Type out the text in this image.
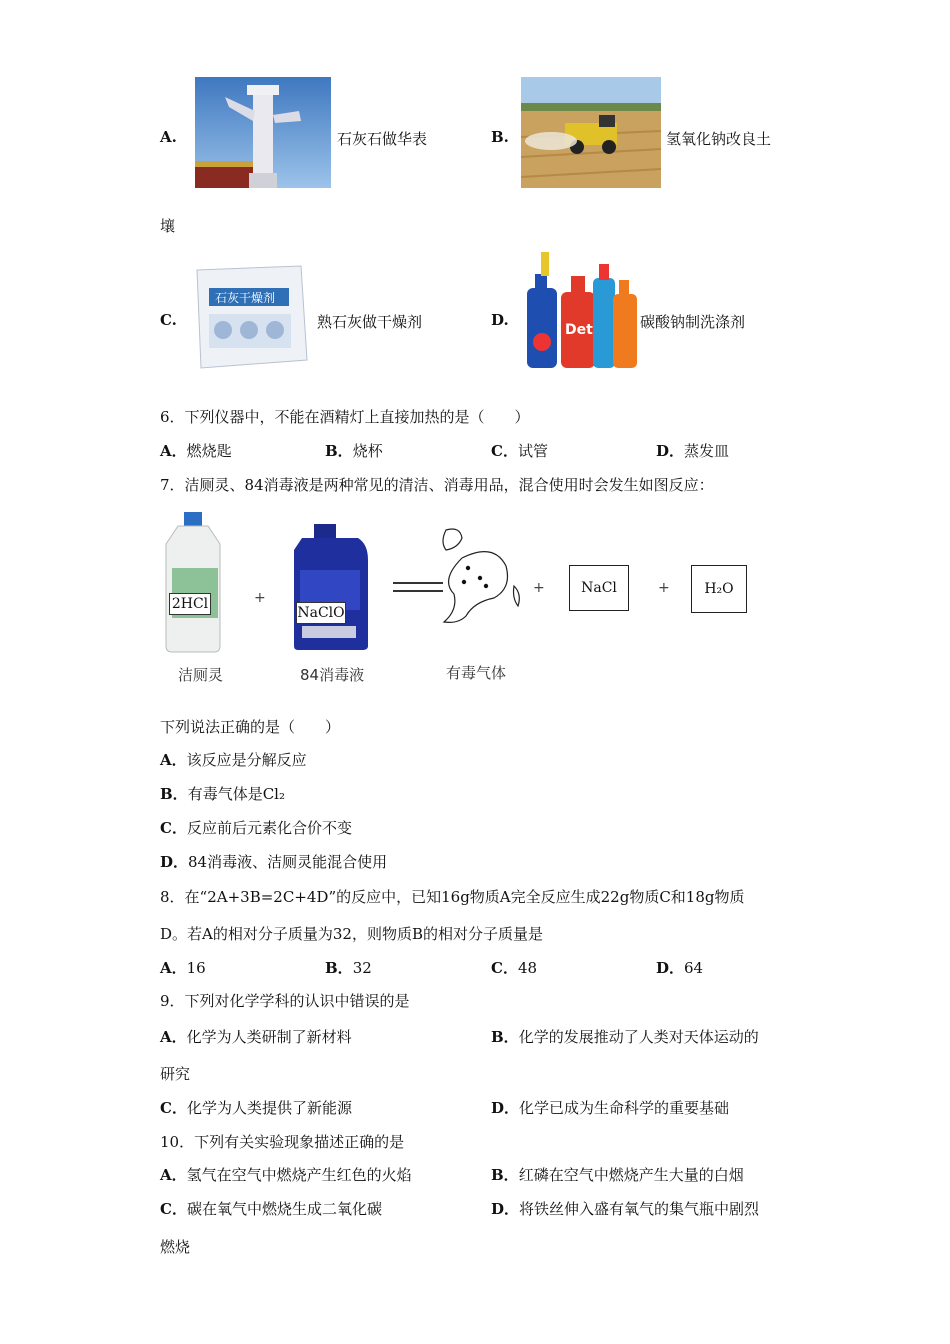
A.	石灰石做华表	B.	氢氧化钠改良土
壤
C.
石灰干燥剂
熟石灰做干燥剂	D.
Det	碳酸钠制洗涤剂
6．下列仪器中，不能在酒精灯上直接加热的是（　　）
A．燃烧匙	B．烧杯	C．试管	D．蒸发皿
7．洁厕灵、84消毒液是两种常见的清洁、消毒用品，混合使用时会发生如图反应：
2HCl
洁厕灵
+
NaClO
84消毒液	有毒气体
+	NaCl	+	H₂O
下列说法正确的是（　　）
A．该反应是分解反应
B．有毒气体是Cl₂
C．反应前后元素化合价不变
D．84消毒液、洁厕灵能混合使用
8．在“2A+3B=2C+4D”的反应中，已知16g物质A完全反应生成22g物质C和18g物质
D。若A的相对分子质量为32，则物质B的相对分子质量是
A．16	B．32	C．48	D．64
9．下列对化学学科的认识中错误的是
A．化学为人类研制了新材料	B．化学的发展推动了人类对天体运动的
研究
C．化学为人类提供了新能源	D．化学已成为生命科学的重要基础
10．下列有关实验现象描述正确的是
A．氢气在空气中燃烧产生红色的火焰	B．红磷在空气中燃烧产生大量的白烟
C．碳在氧气中燃烧生成二氧化碳	D．将铁丝伸入盛有氧气的集气瓶中剧烈
燃烧
